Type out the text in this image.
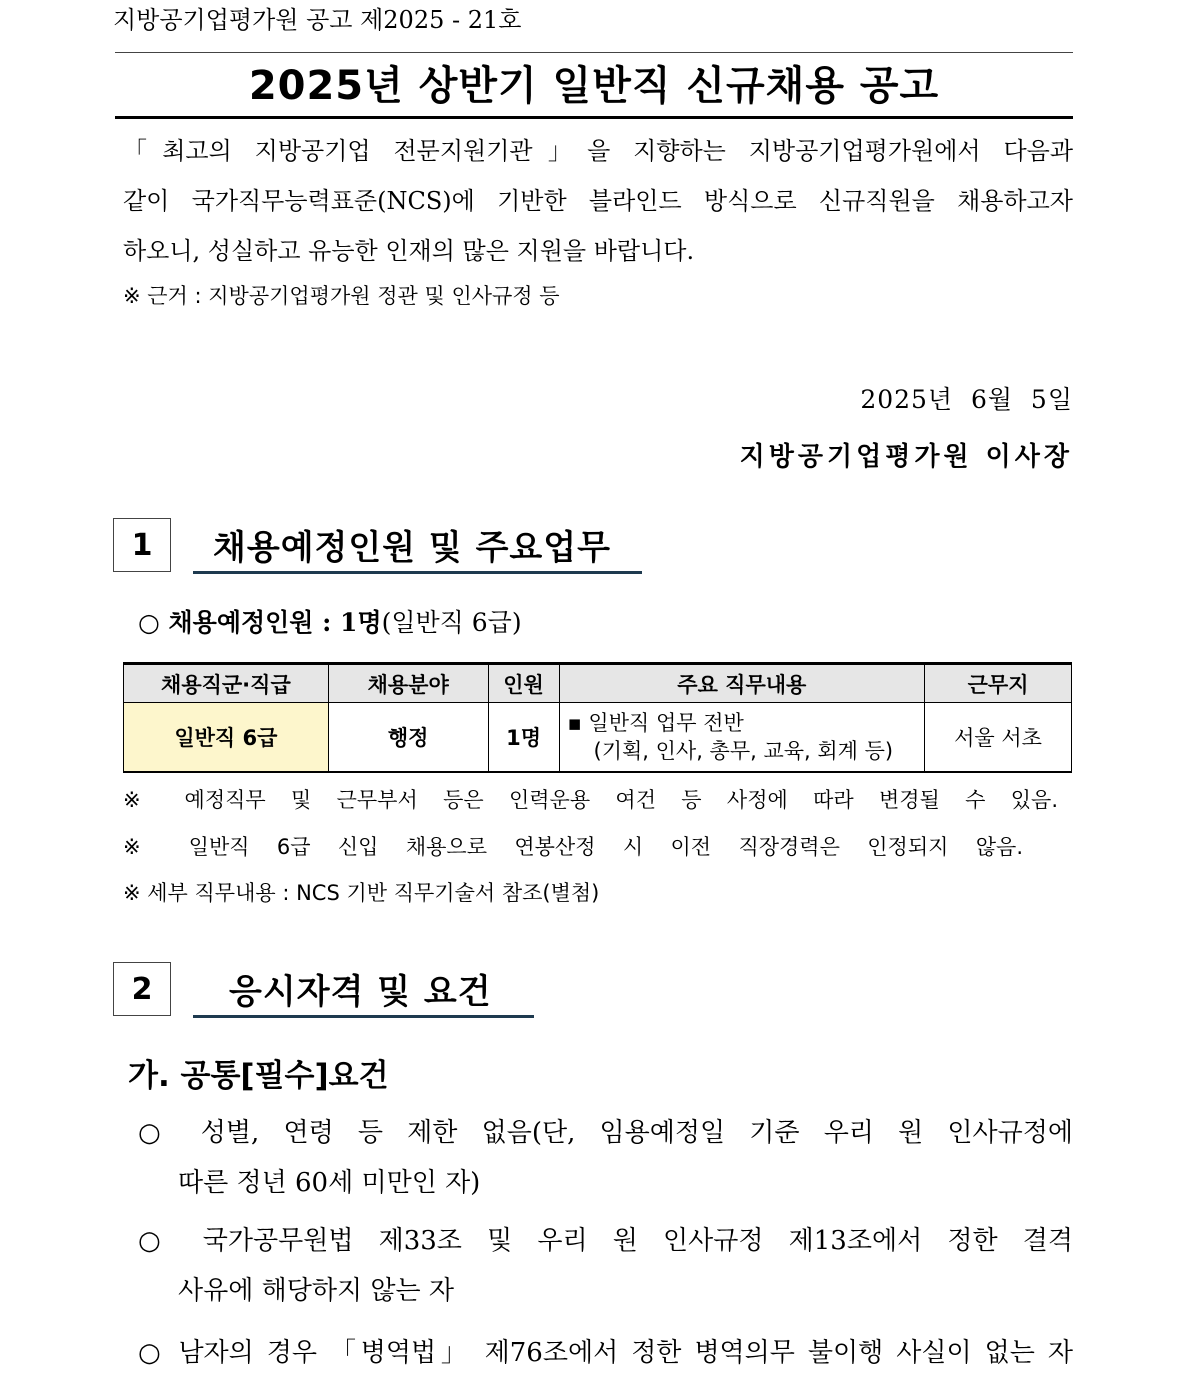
지방공기업평가원 공고 제2025 - 21호
2025년 상반기 일반직 신규채용 공고
「최고의 지방공기업 전문지원기관」을 지향하는 지방공기업평가원에서 다음과
같이 국가직무능력표준(NCS)에 기반한 블라인드 방식으로 신규직원을 채용하고자
하오니, 성실하고 유능한 인재의 많은 지원을 바랍니다.
※ 근거 : 지방공기업평가원 정관 및 인사규정 등
2025년  6월  5일
지방공기업평가원 이사장
1	채용예정인원 및 주요업무
○ 채용예정인원 : 1명(일반직 6급)
채용직군·직급	채용분야	인원	주요 직무내용	근무지
일반직 6급	행정	1명	▪ 일반직 업무 전반
(기획, 인사, 총무, 교육, 회계 등)	서울 서초
※ 예정직무 및 근무부서 등은 인력운용 여건 등 사정에 따라 변경될 수 있음.
※ 일반직 6급 신입 채용으로 연봉산정 시 이전 직장경력은 인정되지 않음.
※ 세부 직무내용 : NCS 기반 직무기술서 참조(별첨)
2	응시자격 및 요건
가. 공통[필수]요건
○ 성별, 연령 등 제한 없음(단, 임용예정일 기준 우리 원 인사규정에
따른 정년 60세 미만인 자)
○ 국가공무원법 제33조 및 우리 원 인사규정 제13조에서 정한 결격
사유에 해당하지 않는 자
○ 남자의 경우 「병역법」 제76조에서 정한 병역의무 불이행 사실이 없는 자
